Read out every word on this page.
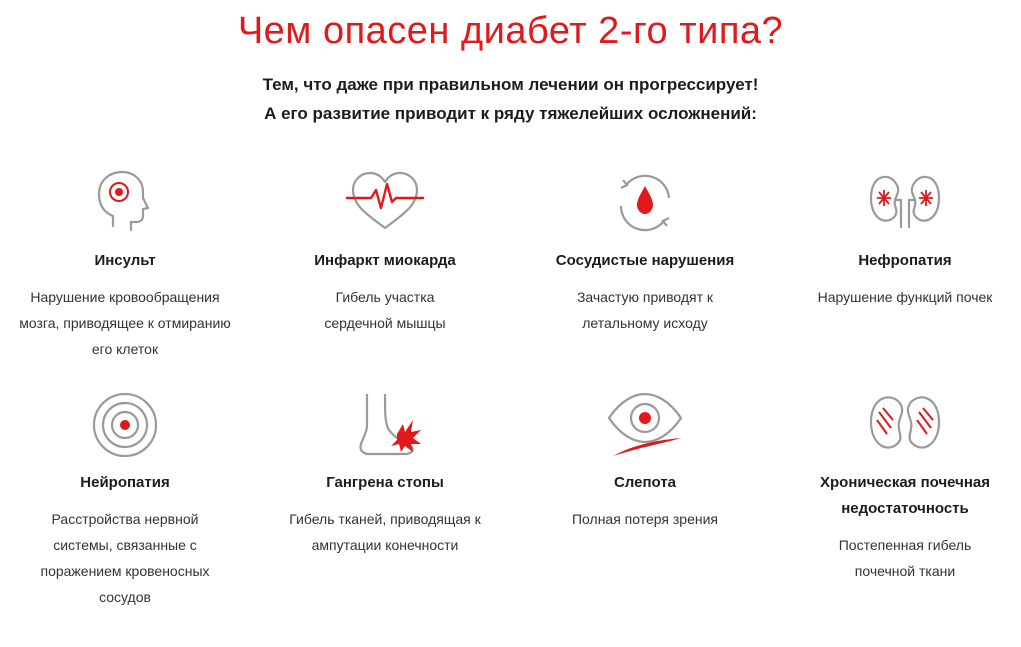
Чем опасен диабет 2-го типа?
Тем, что даже при правильном лечении он прогрессирует!
А его развитие приводит к ряду тяжелейших осложнений:
Инсульт
Нарушение кровообращения мозга, приводящее к отмиранию его клеток
Инфаркт миокарда
Гибель участка сердечной мышцы
Сосудистые нарушения
Зачастую приводят к летальному исходу
Нефропатия
Нарушение функций почек
Нейропатия
Расстройства нервной системы, связанные с поражением кровеносных сосудов
Гангрена стопы
Гибель тканей, приводящая к ампутации конечности
Слепота
Полная потеря зрения
Хроническая почечная недостаточность
Постепенная гибель почечной ткани
